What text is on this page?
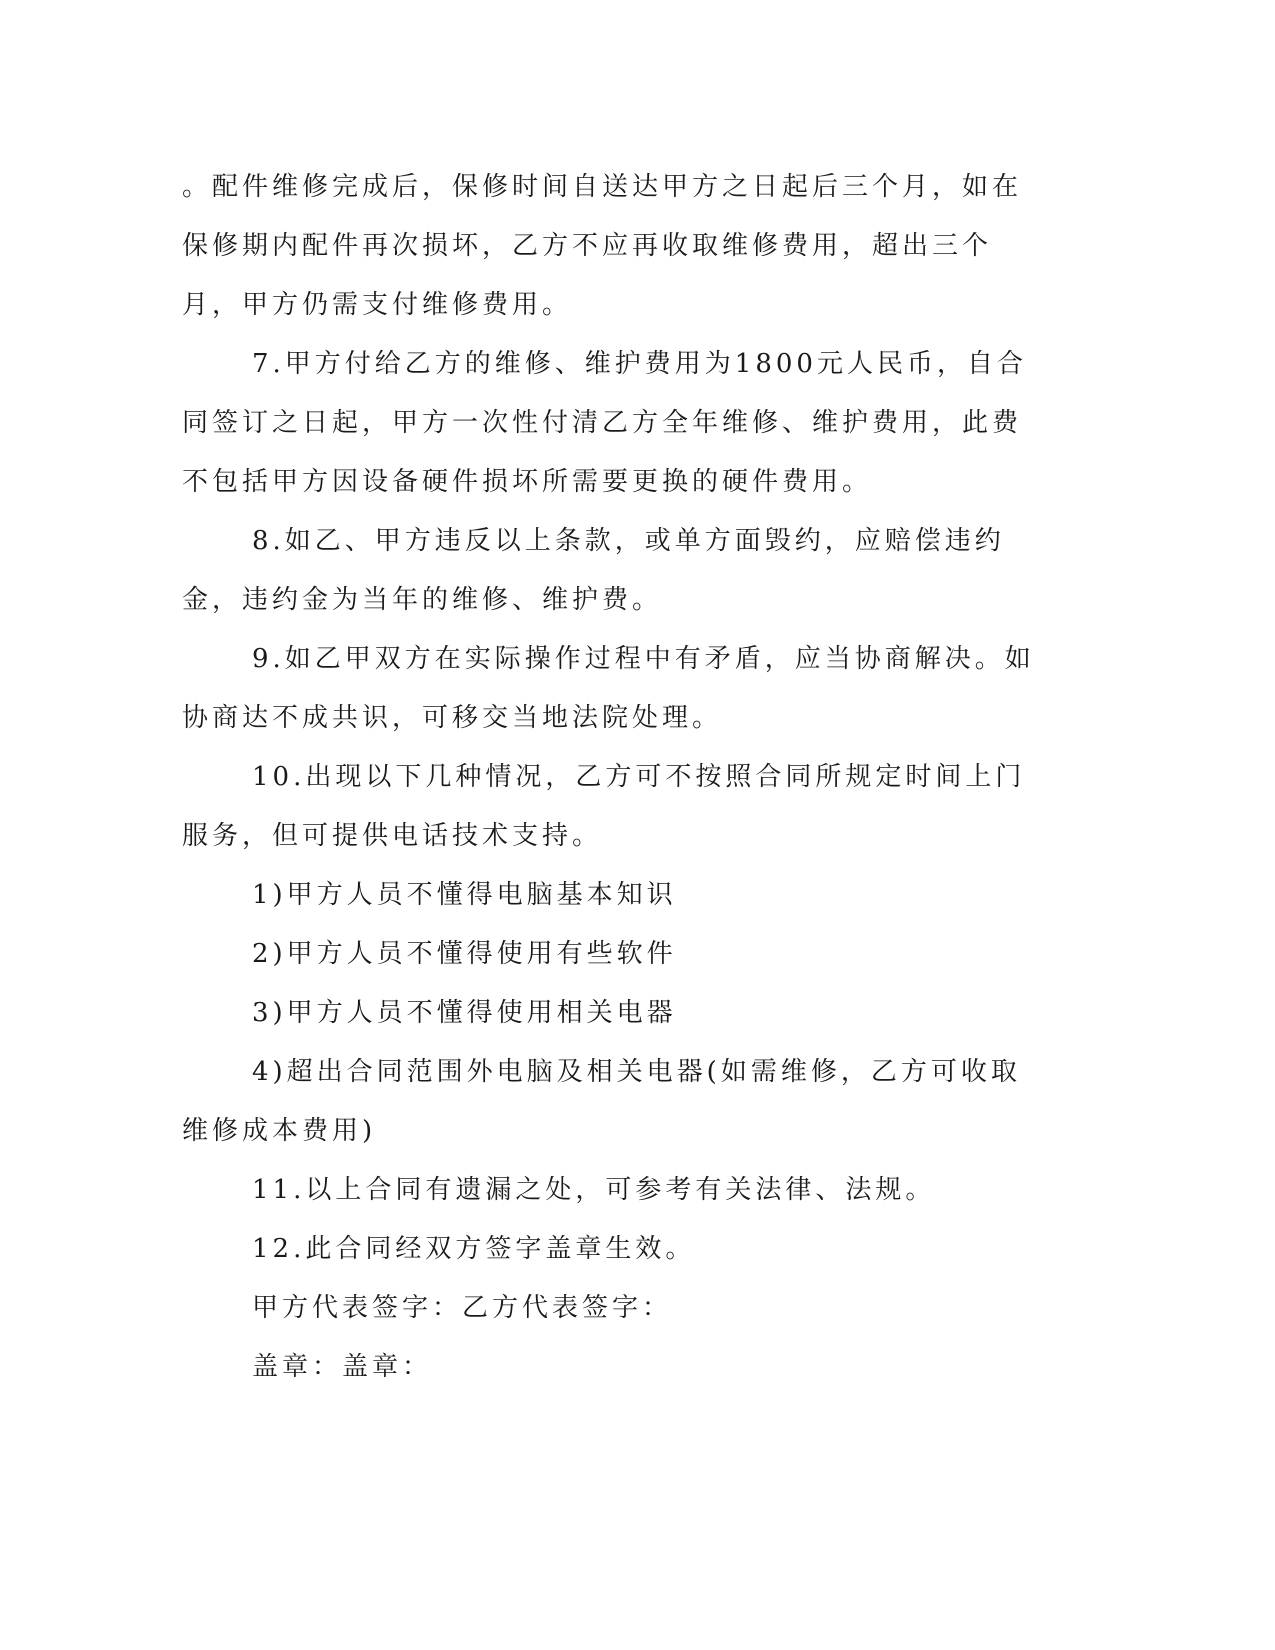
。配件维修完成后，保修时间自送达甲方之日起后三个月，如在保修期内配件再次损坏，乙方不应再收取维修费用，超出三个月，甲方仍需支付维修费用。

7.甲方付给乙方的维修、维护费用为1800元人民币，自合同签订之日起，甲方一次性付清乙方全年维修、维护费用，此费不包括甲方因设备硬件损坏所需要更换的硬件费用。

8.如乙、甲方违反以上条款，或单方面毁约，应赔偿违约金，违约金为当年的维修、维护费。

9.如乙甲双方在实际操作过程中有矛盾，应当协商解决。如协商达不成共识，可移交当地法院处理。

10.出现以下几种情况，乙方可不按照合同所规定时间上门服务，但可提供电话技术支持。

1)甲方人员不懂得电脑基本知识

2)甲方人员不懂得使用有些软件

3)甲方人员不懂得使用相关电器

4)超出合同范围外电脑及相关电器(如需维修，乙方可收取维修成本费用)

11.以上合同有遗漏之处，可参考有关法律、法规。

12.此合同经双方签字盖章生效。

甲方代表签字：乙方代表签字：

盖章：盖章：
